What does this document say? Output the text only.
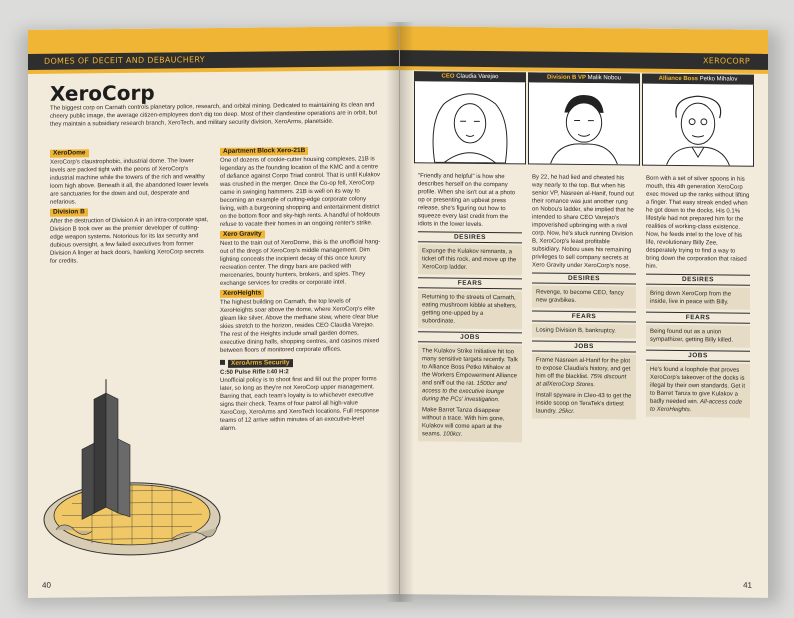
DOMES OF DECEIT AND DEBAUCHERY
XeroCorp
The biggest corp on Carnath controls planetary police, research, and orbital mining. Dedicated to maintaining its clean and cheery public image, the average citizen-employees don't dig too deep. Most of their clandestine operations are in orbit, but they maintain a subsidiary research branch, XeroTech, and military security division, XeroArms, planetside.
XeroDome
XeroCorp's claustrophobic, industrial dome. The lower levels are packed tight with the peons of XeroCorp's industrial machine while the towers of the rich and wealthy loom high above. Beneath it all, the abandoned lower levels are sanctuaries for the down and out, desperate and nefarious.
Division B
After the destruction of Division A in an intra-corporate spat, Division B took over as the premier developer of cutting-edge weapon systems. Notorious for its lax security and dubious oversight, a few failed executives from former Division A linger at back doors, hawking XeroCorp secrets for credits.
Apartment Block Xero-21B
One of dozens of cookie-cutter housing complexes, 21B is legendary as the founding location of the KMC and a centre of defiance against Corpo Triad control. That is until Kulakov was crushed in the merger. Once the Co-op fell, XeroCorp came in swinging hammers. 21B is well on its way to becoming an example of cutting-edge corporate colony living, with a burgeoning shopping and entertainment district on the bottom floor and sky-high rents. A handful of holdouts refuse to vacate their homes in an ongoing renter's strike.
Xero Gravity
Next to the train out of XeroDome, this is the unofficial hang-out of the dregs of XeroCorp's middle management. Dim lighting conceals the incipient decay of this once luxury recreation center. The dingy bars are packed with mercenaries, bounty hunters, brokers, and spies. They exchange services for credits or corporate intel.
XeroHeights
The highest building on Carnath, the top levels of XeroHeights soar above the dome, where XeroCorp's elite gleam like silver. Above the methane stew, where clear blue skies stretch to the horizon, resides CEO Claudia Varejao. The rest of the Heights include small garden domes, executive dining halls, shopping centres, and casinos mixed between floors of monitored corporate offices.
XeroArms Security
C:50 Pulse Rifle I:40 H:2
Unofficial policy is to shoot first and fill out the proper forms later, so long as they're not XeroCorp upper management. Barring that, each team's loyalty is to whichever executive signs their check. Teams of four patrol all high-value XeroCorp, XeroArms and XeroTech locations. Full response teams of 12 arrive within minutes of an executive-level alarm.
40
XEROCORP
CEO Claudia Varejao
"Friendly and helpful" is how she describes herself on the company profile. When she isn't out at a photo op or presenting an upbeat press release, she's figuring out how to squeeze every last credit from the idiots in the lower levels.
DESIRES
Expunge the Kulakov remnants, a ticket off this rock, and move up the XeroCorp ladder.
FEARS
Returning to the streets of Carnath, eating mushroom kibble at shelters, getting one-upped by a subordinate.
JOBS
The Kulakov Strike Initiative hit too many sensitive targets recently. Talk to Alliance Boss Petko Mihalov at the Workers Empowerment Alliance and sniff out the rat. 1500cr and access to the executive lounge during the PCs' investigation.
Make Barret Tanza disappear without a trace. With him gone, Kulakov will come apart at the seams. 100kcr.
Division B VP Malik Nobou
By 22, he had lied and cheated his way nearly to the top. But when his senior VP, Nasreen al-Hanif, found out their romance was just another rung on Nobou's ladder, she implied that he intended to share CEO Varejao's impoverished upbringing with a rival corp. Now, he's stuck running Division B, XeroCorp's least profitable subsidiary. Nobou uses his remaining privileges to sell company secrets at Xero Gravity under XeroCorp's nose.
DESIRES
Revenge, to become CEO, fancy new gravbikes.
FEARS
Losing Division B, bankruptcy.
JOBS
Frame Nasreen al-Hanif for the plot to expose Claudia's history, and get him off the blacklist. 75% discount at allXeroCorp Stores.
Install spyware in Cleo-43 to get the inside scoop on TeraTek's dirtiest laundry. 25kcr.
Alliance Boss Petko Mihalov
Born with a set of silver spoons in his mouth, this 4th generation XeroCorp exec moved up the ranks without lifting a finger. That easy streak ended when he got down to the docks. His 0.1% lifestyle had not prepared him for the realities of working-class existence. Now, he feeds intel to the love of his life, revolutionary Billy Zee, desperately trying to find a way to bring down the corporation that raised him.
DESIRES
Bring down XeroCorp from the inside, live in peace with Billy.
FEARS
Being found out as a union sympathizer, getting Billy killed.
JOBS
He's found a loophole that proves XeroCorp's takeover of the docks is illegal by their own standards. Get it to Barret Tanza to give Kulakov a badly needed win. All-access code to XeroHeights.
41
